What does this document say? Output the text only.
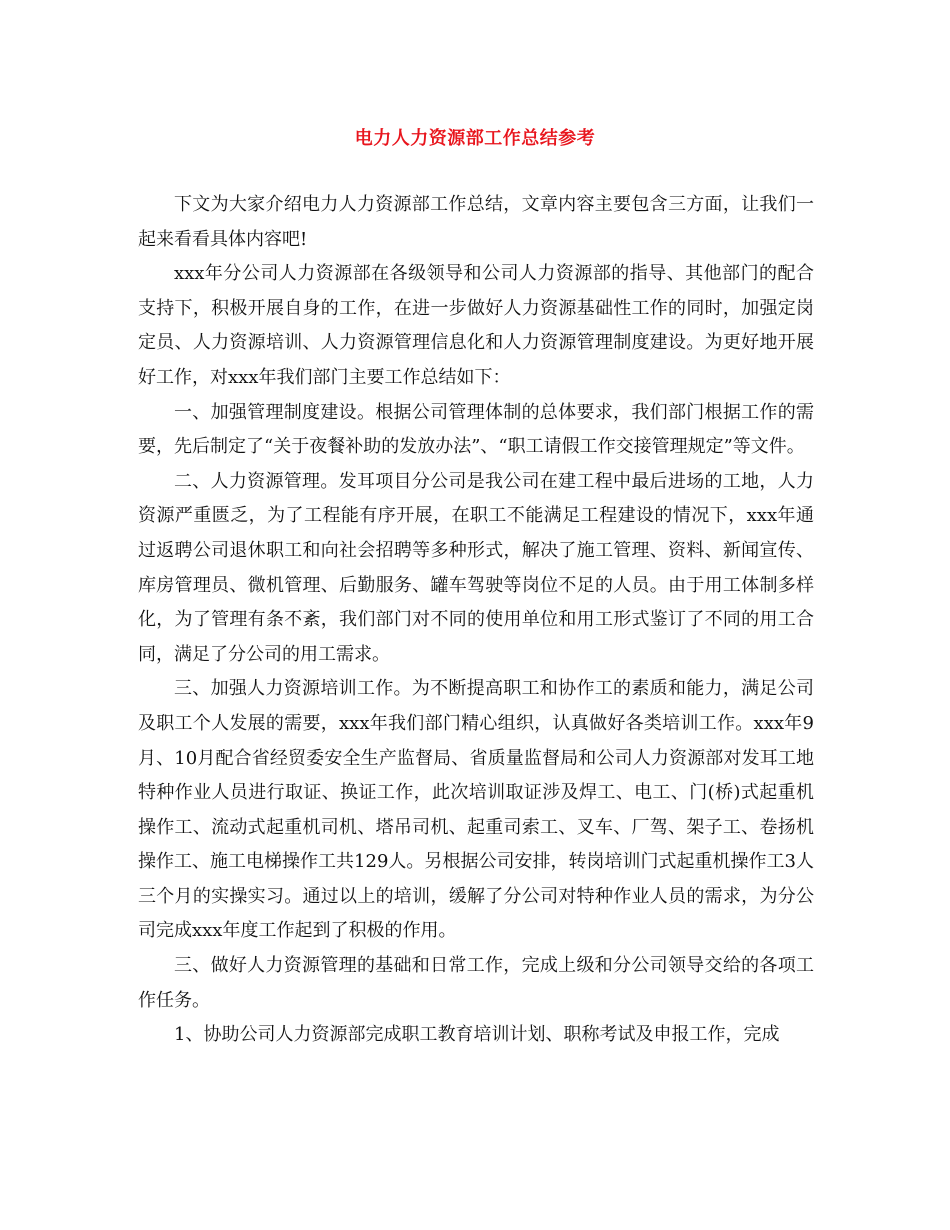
电力人力资源部工作总结参考

下文为大家介绍电力人力资源部工作总结，文章内容主要包含三方面，让我们一起来看看具体内容吧!

xxx年分公司人力资源部在各级领导和公司人力资源部的指导、其他部门的配合支持下，积极开展自身的工作，在进一步做好人力资源基础性工作的同时，加强定岗定员、人力资源培训、人力资源管理信息化和人力资源管理制度建设。为更好地开展好工作，对xxx年我们部门主要工作总结如下：

一、加强管理制度建设。根据公司管理体制的总体要求，我们部门根据工作的需要，先后制定了“关于夜餐补助的发放办法”、“职工请假工作交接管理规定”等文件。

二、人力资源管理。发耳项目分公司是我公司在建工程中最后进场的工地，人力资源严重匮乏，为了工程能有序开展，在职工不能满足工程建设的情况下，xxx年通过返聘公司退休职工和向社会招聘等多种形式，解决了施工管理、资料、新闻宣传、库房管理员、微机管理、后勤服务、罐车驾驶等岗位不足的人员。由于用工体制多样化，为了管理有条不紊，我们部门对不同的使用单位和用工形式鉴订了不同的用工合同，满足了分公司的用工需求。

三、加强人力资源培训工作。为不断提高职工和协作工的素质和能力，满足公司及职工个人发展的需要，xxx年我们部门精心组织，认真做好各类培训工作。xxx年9月、10月配合省经贸委安全生产监督局、省质量监督局和公司人力资源部对发耳工地特种作业人员进行取证、换证工作，此次培训取证涉及焊工、电工、门(桥)式起重机操作工、流动式起重机司机、塔吊司机、起重司索工、叉车、厂驾、架子工、卷扬机操作工、施工电梯操作工共129人。另根据公司安排，转岗培训门式起重机操作工3人三个月的实操实习。通过以上的培训，缓解了分公司对特种作业人员的需求，为分公司完成xxx年度工作起到了积极的作用。

三、做好人力资源管理的基础和日常工作，完成上级和分公司领导交给的各项工作任务。

1、协助公司人力资源部完成职工教育培训计划、职称考试及申报工作，完成
